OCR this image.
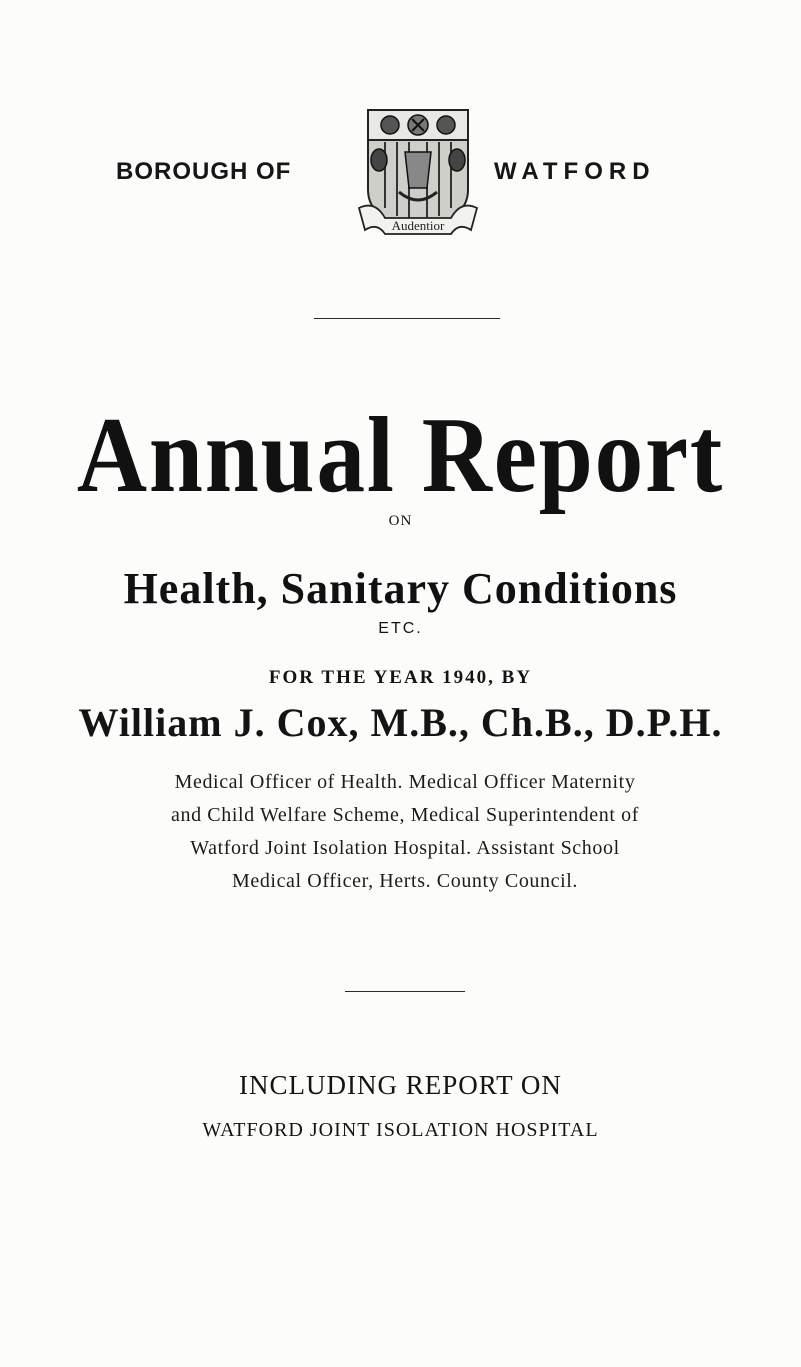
BOROUGH OF
Audentior
WATFORD
Annual Report
ON
Health, Sanitary Conditions
ETC.
FOR THE YEAR 1940, BY
William J. Cox, M.B., Ch.B., D.P.H.
Medical Officer of Health. Medical Officer Maternity
and Child Welfare Scheme, Medical Superintendent of
Watford Joint Isolation Hospital. Assistant School
Medical Officer, Herts. County Council.
INCLUDING REPORT ON
WATFORD JOINT ISOLATION HOSPITAL
